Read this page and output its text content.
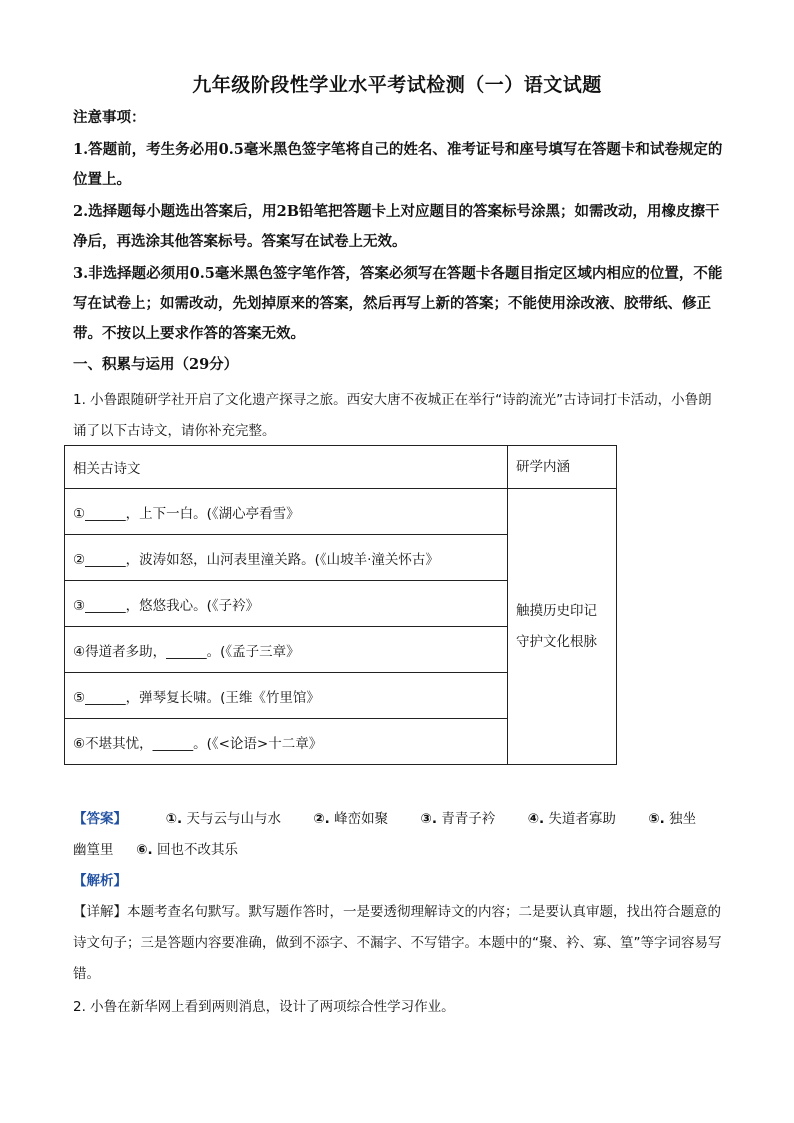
九年级阶段性学业水平考试检测（一）语文试题
注意事项：
1.答题前，考生务必用0.5毫米黑色签字笔将自己的姓名、准考证号和座号填写在答题卡和试卷规定的位置上。
2.选择题每小题选出答案后，用2B铅笔把答题卡上对应题目的答案标号涂黑；如需改动，用橡皮擦干净后，再选涂其他答案标号。答案写在试卷上无效。
3.非选择题必须用0.5毫米黑色签字笔作答，答案必须写在答题卡各题目指定区域内相应的位置，不能写在试卷上；如需改动，先划掉原来的答案，然后再写上新的答案；不能使用涂改液、胶带纸、修正带。不按以上要求作答的答案无效。
一、积累与运用（29分）
1. 小鲁跟随研学社开启了文化遗产探寻之旅。西安大唐不夜城正在举行“诗韵流光”古诗词打卡活动，小鲁朗诵了以下古诗文，请你补充完整。
相关古诗文	研学内涵
①______，上下一白。(《湖心亭看雪》	触摸历史印记
守护文化根脉

②______，波涛如怒，山河表里潼关路。(《山坡羊·潼关怀古》	
③______，悠悠我心。(《子衿》	
④得道者多助，______。(《孟子三章》	
⑤______，弹琴复长啸。(王维《竹里馆》	
⑥不堪其忧，______。(《<论语>十二章》	
【答案】	①. 天与云与山与水 ②. 峰峦如聚 ③. 青青子衿 ④. 失道者寡助 ⑤. 独坐
幽篁里 ⑥. 回也不改其乐
【解析】
【详解】本题考查名句默写。默写题作答时，一是要透彻理解诗文的内容；二是要认真审题，找出符合题意的诗文句子；三是答题内容要准确，做到不添字、不漏字、不写错字。本题中的“聚、衿、寡、篁”等字词容易写错。
2. 小鲁在新华网上看到两则消息，设计了两项综合性学习作业。
